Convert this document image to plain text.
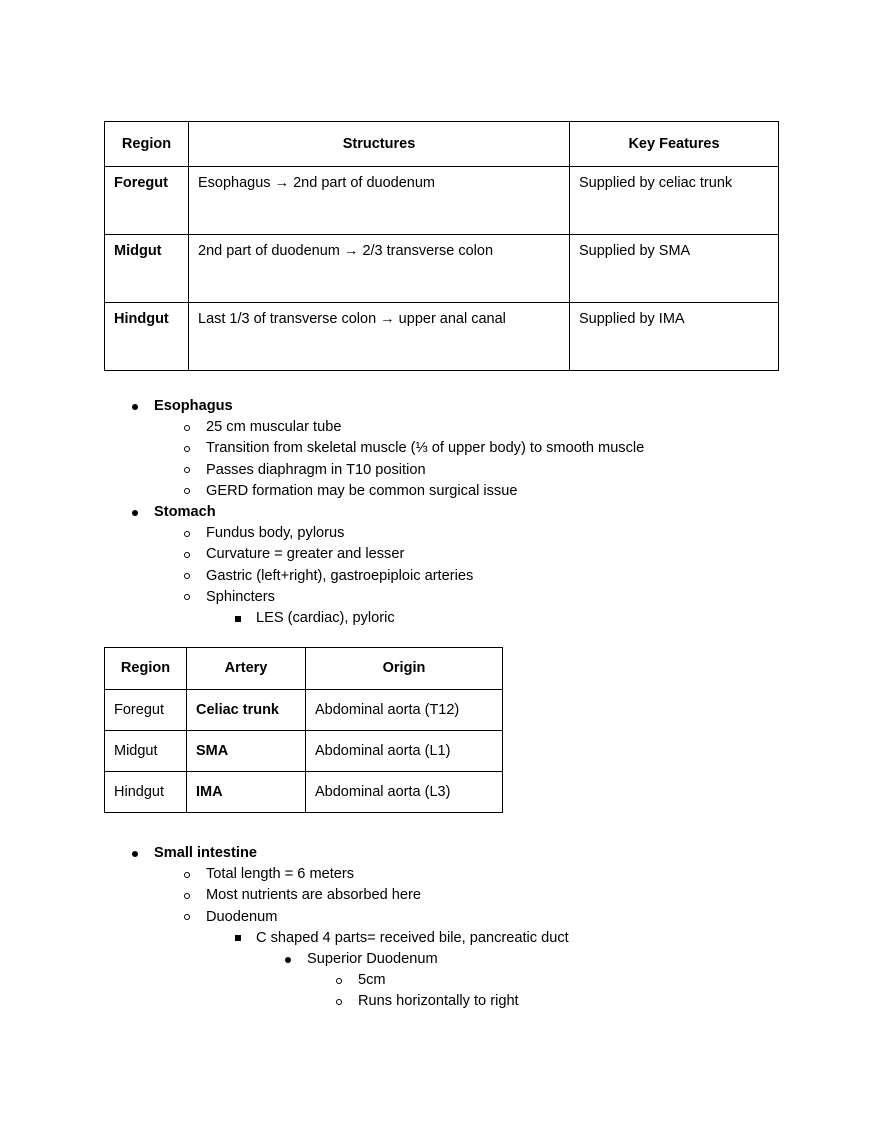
Region	Structures	Key Features
Foregut	Esophagus → 2nd part of duodenum	Supplied by celiac trunk
Midgut	2nd part of duodenum → 2/3 transverse colon	Supplied by SMA
Hindgut	Last 1/3 of transverse colon → upper anal canal	Supplied by IMA
Esophagus
25 cm muscular tube
Transition from skeletal muscle (⅓ of upper body) to smooth muscle
Passes diaphragm in T10 position
GERD formation may be common surgical issue
Stomach
Fundus body, pylorus
Curvature = greater and lesser
Gastric (left+right), gastroepiploic arteries
Sphincters
LES (cardiac), pyloric
Region	Artery	Origin
Foregut	Celiac trunk	Abdominal aorta (T12)
Midgut	SMA	Abdominal aorta (L1)
Hindgut	IMA	Abdominal aorta (L3)
Small intestine
Total length = 6 meters
Most nutrients are absorbed here
Duodenum
C shaped 4 parts= received bile, pancreatic duct
Superior Duodenum
5cm
Runs horizontally to right
